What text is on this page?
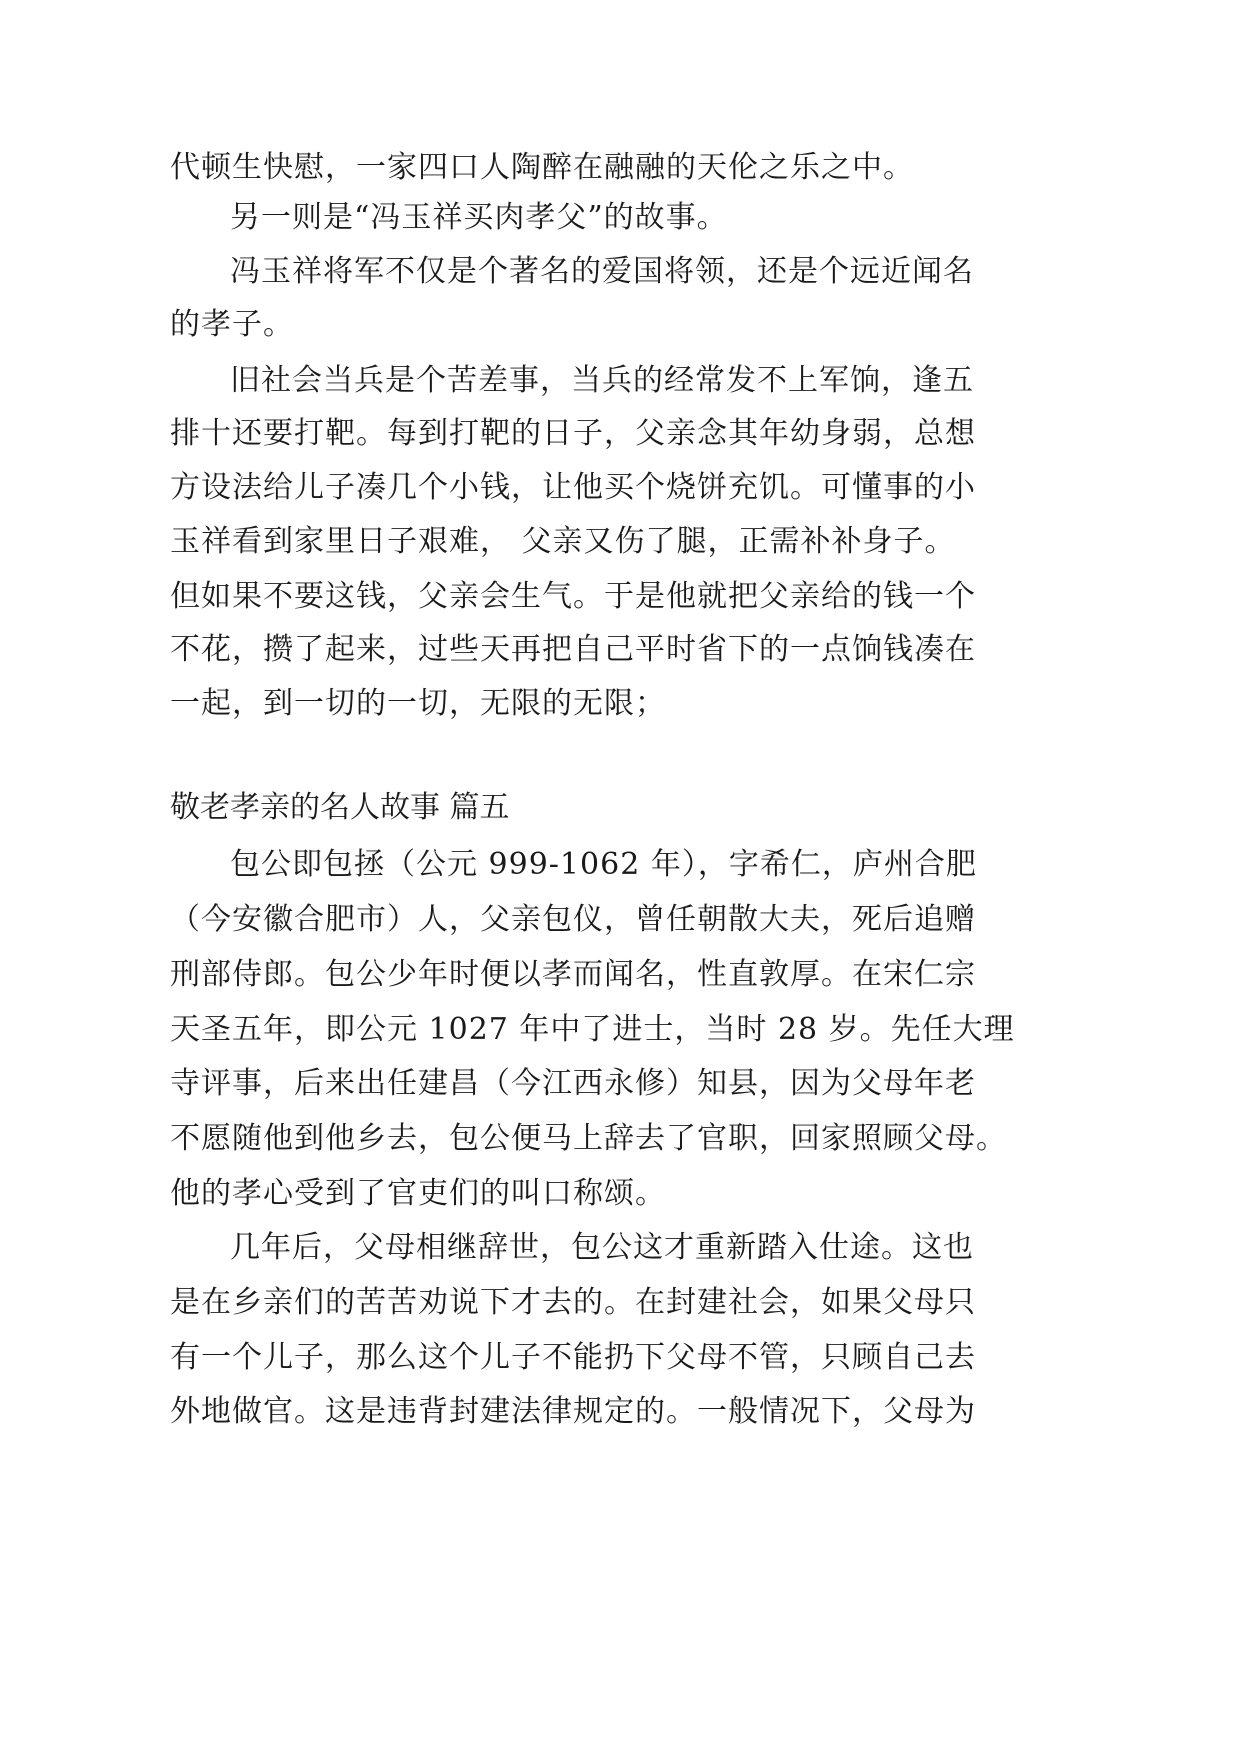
代顿生快慰，一家四口人陶醉在融融的天伦之乐之中。
另一则是“冯玉祥买肉孝父”的故事。
冯玉祥将军不仅是个著名的爱国将领，还是个远近闻名
的孝子。
旧社会当兵是个苦差事，当兵的经常发不上军饷，逢五
排十还要打靶。每到打靶的日子，父亲念其年幼身弱，总想
方设法给儿子凑几个小钱，让他买个烧饼充饥。可懂事的小
玉祥看到家里日子艰难， 父亲又伤了腿，正需补补身子。
但如果不要这钱，父亲会生气。于是他就把父亲给的钱一个
不花，攒了起来，过些天再把自己平时省下的一点饷钱凑在
一起，到一切的一切，无限的无限；
敬老孝亲的名人故事 篇五
包公即包拯（公元 999-1062 年），字希仁，庐州合肥
（今安徽合肥市）人，父亲包仪，曾任朝散大夫，死后追赠
刑部侍郎。包公少年时便以孝而闻名，性直敦厚。在宋仁宗
天圣五年，即公元 1027 年中了进士，当时 28 岁。先任大理
寺评事，后来出任建昌（今江西永修）知县，因为父母年老
不愿随他到他乡去，包公便马上辞去了官职，回家照顾父母。
他的孝心受到了官吏们的叫口称颂。
几年后，父母相继辞世，包公这才重新踏入仕途。这也
是在乡亲们的苦苦劝说下才去的。在封建社会，如果父母只
有一个儿子，那么这个儿子不能扔下父母不管，只顾自己去
外地做官。这是违背封建法律规定的。一般情况下，父母为
